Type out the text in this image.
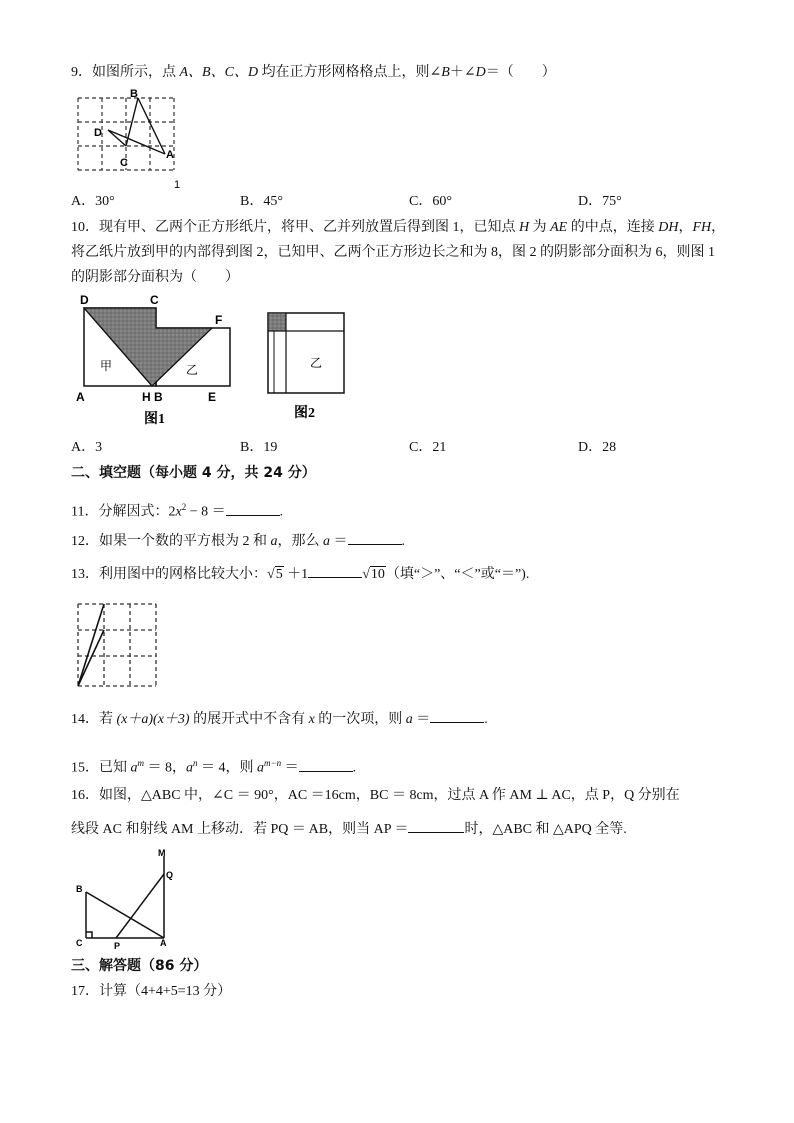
9．如图所示，点 A、B、C、D 均在正方形网格格点上，则∠B＋∠D＝（　　）
B
D
C
A
1
A．30°	B．45°	C．60°	D．75°
10．现有甲、乙两个正方形纸片，将甲、乙并列放置后得到图 1，已知点 H 为 AE 的中点，连接 DH，FH，
将乙纸片放到甲的内部得到图 2，已知甲、乙两个正方形边长之和为 8，图 2 的阴影部分面积为 6，则图 1
的阴影部分面积为（　　）
D	C
F
A	H B	E
甲	乙
图1
乙
图2
A．3	B．19	C．21	D．28
二、填空题（每小题 4 分，共 24 分）
11．分解因式：$2x^2 - 8$ ＝	.
12．如果一个数的平方根为 2 和 a，那么 a ＝	.
13．利用图中的网格比较大小：√5 ＋1	√10（填“＞”、“＜”或“＝”).
14．若 (x＋a)(x＋3) 的展开式中不含有 x 的一次项，则 a ＝	.
15．已知 $a^m = 8$，$a^n = 4$，则 $a^{m-n}$ ＝	.
16．如图，△ABC 中，∠C ＝ 90°，AC ＝16cm，BC ＝ 8cm，过点 A 作 AM ⊥ AC，点 P，Q 分别在
线段 AC 和射线 AM 上移动．若 PQ ＝ AB，则当 AP ＝	时，△ABC 和 △APQ 全等.
M
Q
B
C	P	A
三、解答题（86 分）
17．计算（4+4+5=13 分）
